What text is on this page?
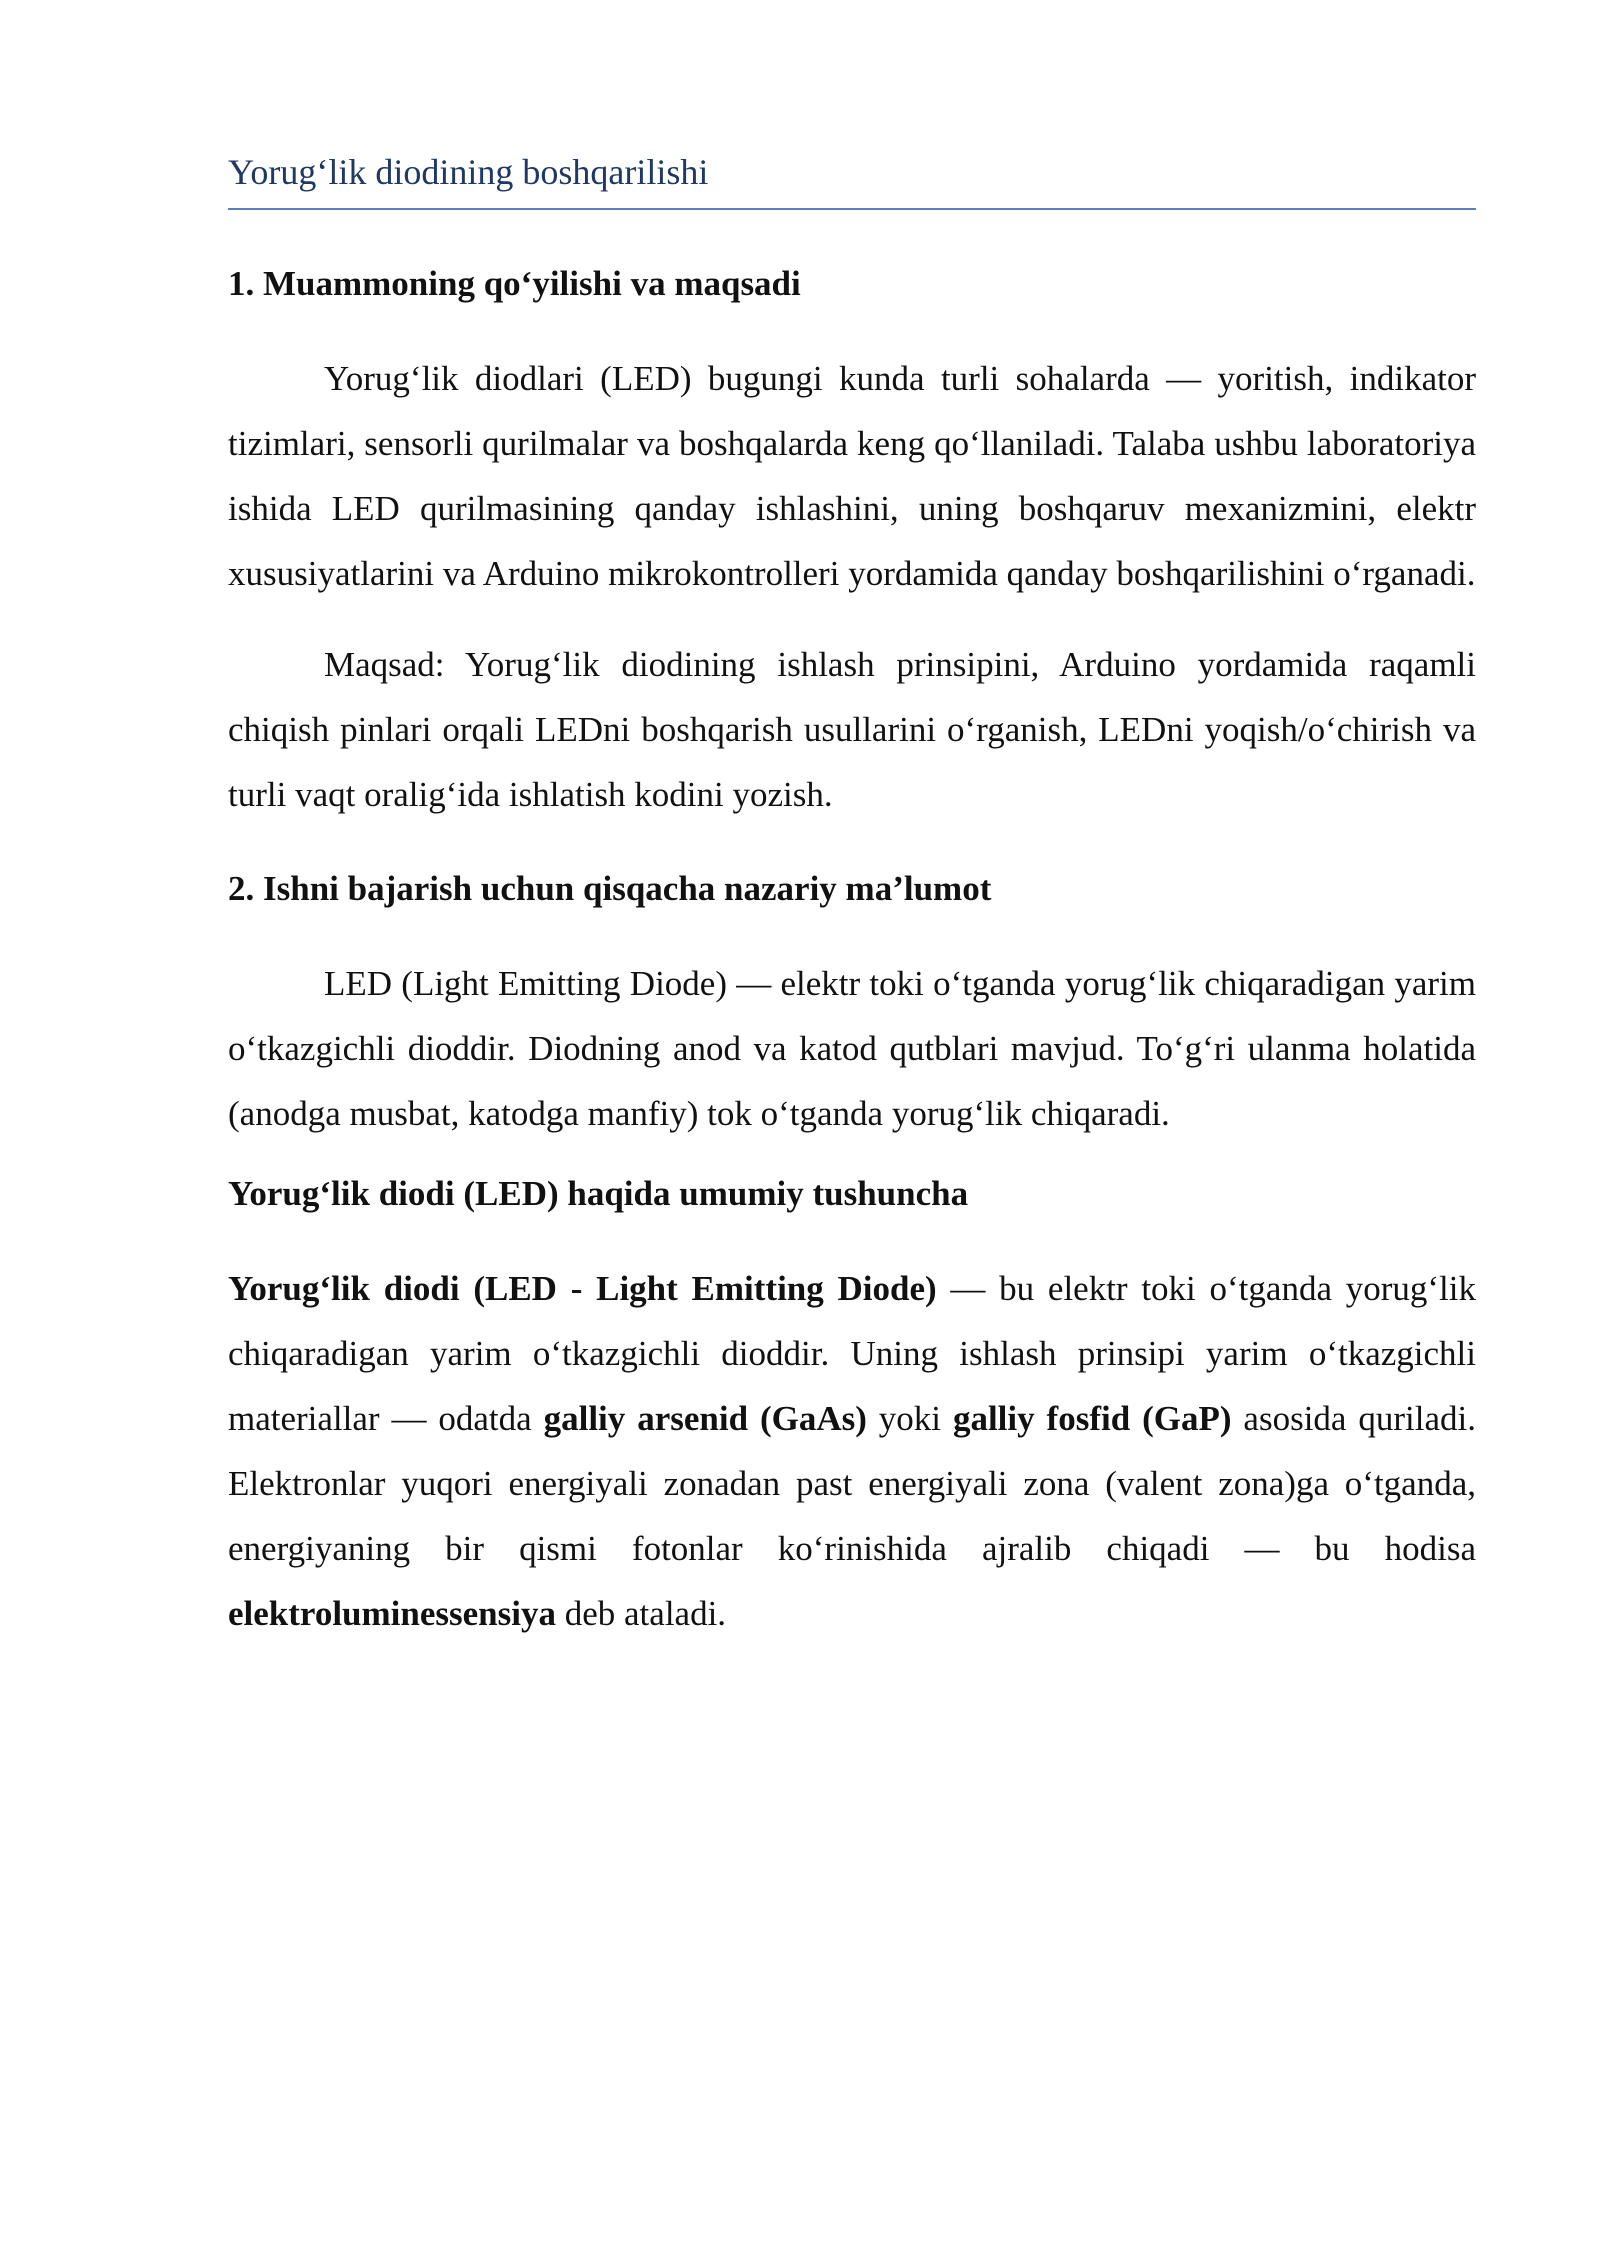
Yorug‘lik diodining boshqarilishi
1. Muammoning qo‘yilishi va maqsadi

Yorug‘lik diodlari (LED) bugungi kunda turli sohalarda — yoritish, indikator tizimlari, sensorli qurilmalar va boshqalarda keng qo‘llaniladi. Talaba ushbu laboratoriya ishida LED qurilmasining qanday ishlashini, uning boshqaruv mexanizmini, elektr xususiyatlarini va Arduino mikrokontrolleri yordamida qanday boshqarilishini o‘rganadi.

Maqsad: Yorug‘lik diodining ishlash prinsipini, Arduino yordamida raqamli chiqish pinlari orqali LEDni boshqarish usullarini o‘rganish, LEDni yoqish/o‘chirish va turli vaqt oralig‘ida ishlatish kodini yozish.

2. Ishni bajarish uchun qisqacha nazariy ma’lumot

LED (Light Emitting Diode) — elektr toki o‘tganda yorug‘lik chiqaradigan yarim o‘tkazgichli dioddir. Diodning anod va katod qutblari mavjud. To‘g‘ri ulanma holatida (anodga musbat, katodga manfiy) tok o‘tganda yorug‘lik chiqaradi.

Yorug‘lik diodi (LED) haqida umumiy tushuncha

Yorug‘lik diodi (LED - Light Emitting Diode) — bu elektr toki o‘tganda yorug‘lik chiqaradigan yarim o‘tkazgichli dioddir. Uning ishlash prinsipi yarim o‘tkazgichli materiallar — odatda galliy arsenid (GaAs) yoki galliy fosfid (GaP) asosida quriladi. Elektronlar yuqori energiyali zonadan past energiyali zona (valent zona)ga o‘tganda, energiyaning bir qismi fotonlar ko‘rinishida ajralib chiqadi — bu hodisa elektroluminessensiya deb ataladi.
